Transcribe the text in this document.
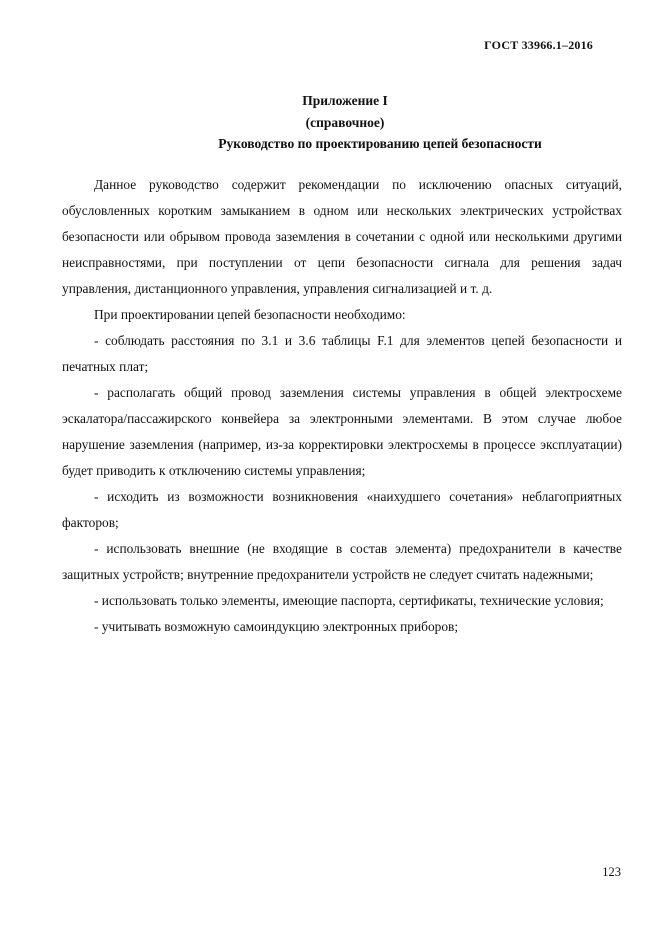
ГОСТ 33966.1–2016
Приложение I
(справочное)
Руководство по проектированию цепей безопасности

Данное руководство содержит рекомендации по исключению опасных ситуаций, обусловленных коротким замыканием в одном или нескольких электрических устройствах безопасности или обрывом провода заземления в сочетании с одной или несколькими другими неисправностями, при поступлении от цепи безопасности сигнала для решения задач управления, дистанционного управления, управления сигнализацией и т. д.

При проектировании цепей безопасности необходимо:

- соблюдать расстояния по 3.1 и 3.6 таблицы F.1 для элементов цепей безопасности и печатных плат;

- располагать общий провод заземления системы управления в общей электросхеме эскалатора/пассажирского конвейера за электронными элементами. В этом случае любое нарушение заземления (например, из-за корректировки электросхемы в процессе эксплуатации) будет приводить к отключению системы управления;

- исходить из возможности возникновения «наихудшего сочетания» неблагоприятных факторов;

- использовать внешние (не входящие в состав элемента) предохранители в качестве защитных устройств; внутренние предохранители устройств не следует считать надежными;

- использовать только элементы, имеющие паспорта, сертификаты, технические условия;

- учитывать возможную самоиндукцию электронных приборов;

123
